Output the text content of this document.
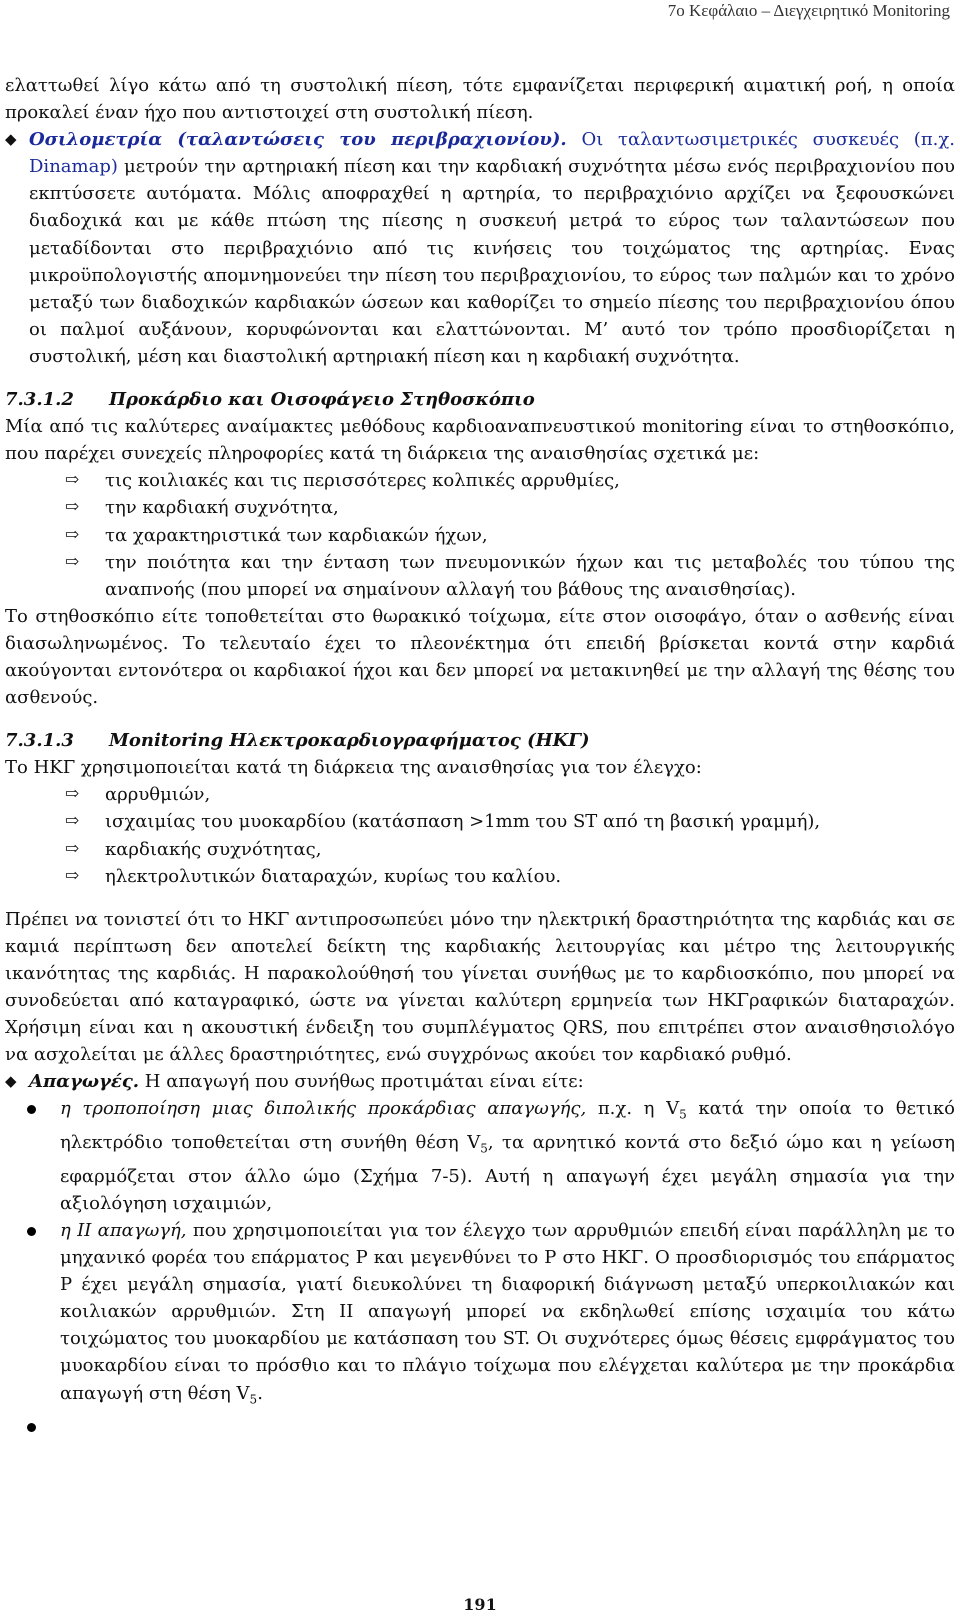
7ο Κεφάλαιο – Διεγχειρητικό Monitoring

ελαττωθεί λίγο κάτω από τη συστολική πίεση, τότε εμφανίζεται περιφερική αιματική ροή, η οποία προκαλεί έναν ήχο που αντιστοιχεί στη συστολική πίεση.

◆ Οσιλομετρία (ταλαντώσεις του περιβραχιονίου). Οι ταλαντωσιμετρικές συσκευές (π.χ. Dinamap) μετρούν την αρτηριακή πίεση και την καρδιακή συχνότητα μέσω ενός περιβραχιονίου που εκπτύσσετε αυτόματα. Μόλις αποφραχθεί η αρτηρία, το περιβραχιόνιο αρχίζει να ξεφουσκώνει διαδοχικά και με κάθε πτώση της πίεσης η συσκευή μετρά το εύρος των ταλαντώσεων που μεταδίδονται στο περιβραχιόνιο από τις κινήσεις του τοιχώματος της αρτηρίας. Ενας μικροϋπολογιστής απομνημονεύει την πίεση του περιβραχιονίου, το εύρος των παλμών και το χρόνο μεταξύ των διαδοχικών καρδιακών ώσεων και καθορίζει το σημείο πίεσης του περιβραχιονίου όπου οι παλμοί αυξάνουν, κορυφώνονται και ελαττώνονται. Μ’ αυτό τον τρόπο προσδιορίζεται η συστολική, μέση και διαστολική αρτηριακή πίεση και η καρδιακή συχνότητα.

7.3.1.2 Προκάρδιο και Οισοφάγειο Στηθοσκόπιο

Μία από τις καλύτερες αναίμακτες μεθόδους καρδιοαναπνευστικού monitoring είναι το στηθοσκόπιο, που παρέχει συνεχείς πληροφορίες κατά τη διάρκεια της αναισθησίας σχετικά με:

⇨ τις κοιλιακές και τις περισσότερες κολπικές αρρυθμίες,
⇨ την καρδιακή συχνότητα,
⇨ τα χαρακτηριστικά των καρδιακών ήχων,
⇨ την ποιότητα και την ένταση των πνευμονικών ήχων και τις μεταβολές του τύπου της αναπνοής (που μπορεί να σημαίνουν αλλαγή του βάθους της αναισθησίας).

Το στηθοσκόπιο είτε τοποθετείται στο θωρακικό τοίχωμα, είτε στον οισοφάγο, όταν ο ασθενής είναι διασωληνωμένος. Το τελευταίο έχει το πλεονέκτημα ότι επειδή βρίσκεται κοντά στην καρδιά ακούγονται εντονότερα οι καρδιακοί ήχοι και δεν μπορεί να μετακινηθεί με την αλλαγή της θέσης του ασθενούς.

7.3.1.3 Monitoring Ηλεκτροκαρδιογραφήματος (ΗΚΓ)

Το ΗΚΓ χρησιμοποιείται κατά τη διάρκεια της αναισθησίας για τον έλεγχο:

⇨ αρρυθμιών,
⇨ ισχαιμίας του μυοκαρδίου (κατάσπαση >1mm του ST από τη βασική γραμμή),
⇨ καρδιακής συχνότητας,
⇨ ηλεκτρολυτικών διαταραχών, κυρίως του καλίου.

Πρέπει να τονιστεί ότι το ΗΚΓ αντιπροσωπεύει μόνο την ηλεκτρική δραστηριότητα της καρδιάς και σε καμιά περίπτωση δεν αποτελεί δείκτη της καρδιακής λειτουργίας και μέτρο της λειτουργικής ικανότητας της καρδιάς. Η παρακολούθησή του γίνεται συνήθως με το καρδιοσκόπιο, που μπορεί να συνοδεύεται από καταγραφικό, ώστε να γίνεται καλύτερη ερμηνεία των ΗΚΓραφικών διαταραχών. Χρήσιμη είναι και η ακουστική ένδειξη του συμπλέγματος QRS, που επιτρέπει στον αναισθησιολόγο να ασχολείται με άλλες δραστηριότητες, ενώ συγχρόνως ακούει τον καρδιακό ρυθμό.

◆ Απαγωγές. Η απαγωγή που συνήθως προτιμάται είναι είτε:

η τροποποίηση μιας διπολικής προκάρδιας απαγωγής, π.χ. η $V_5$ κατά την οποία το θετικό ηλεκτρόδιο τοποθετείται στη συνήθη θέση $V_5$, τα αρνητικό κοντά στο δεξιό ώμο και η γείωση εφαρμόζεται στον άλλο ώμο (Σχήμα 7-5). Αυτή η απαγωγή έχει μεγάλη σημασία για την αξιολόγηση ισχαιμιών,
η ΙΙ απαγωγή, που χρησιμοποιείται για τον έλεγχο των αρρυθμιών επειδή είναι παράλληλη με το μηχανικό φορέα του επάρματος Ρ και μεγενθύνει το Ρ στο ΗΚΓ. Ο προσδιορισμός του επάρματος Ρ έχει μεγάλη σημασία, γιατί διευκολύνει τη διαφορική διάγνωση μεταξύ υπερκοιλιακών και κοιλιακών αρρυθμιών. Στη ΙΙ απαγωγή μπορεί να εκδηλωθεί επίσης ισχαιμία του κάτω τοιχώματος του μυοκαρδίου με κατάσπαση του ST. Οι συχνότερες όμως θέσεις εμφράγματος του μυοκαρδίου είναι το πρόσθιο και το πλάγιο τοίχωμα που ελέγχεται καλύτερα με την προκάρδια απαγωγή στη θέση $V_5$.

191
